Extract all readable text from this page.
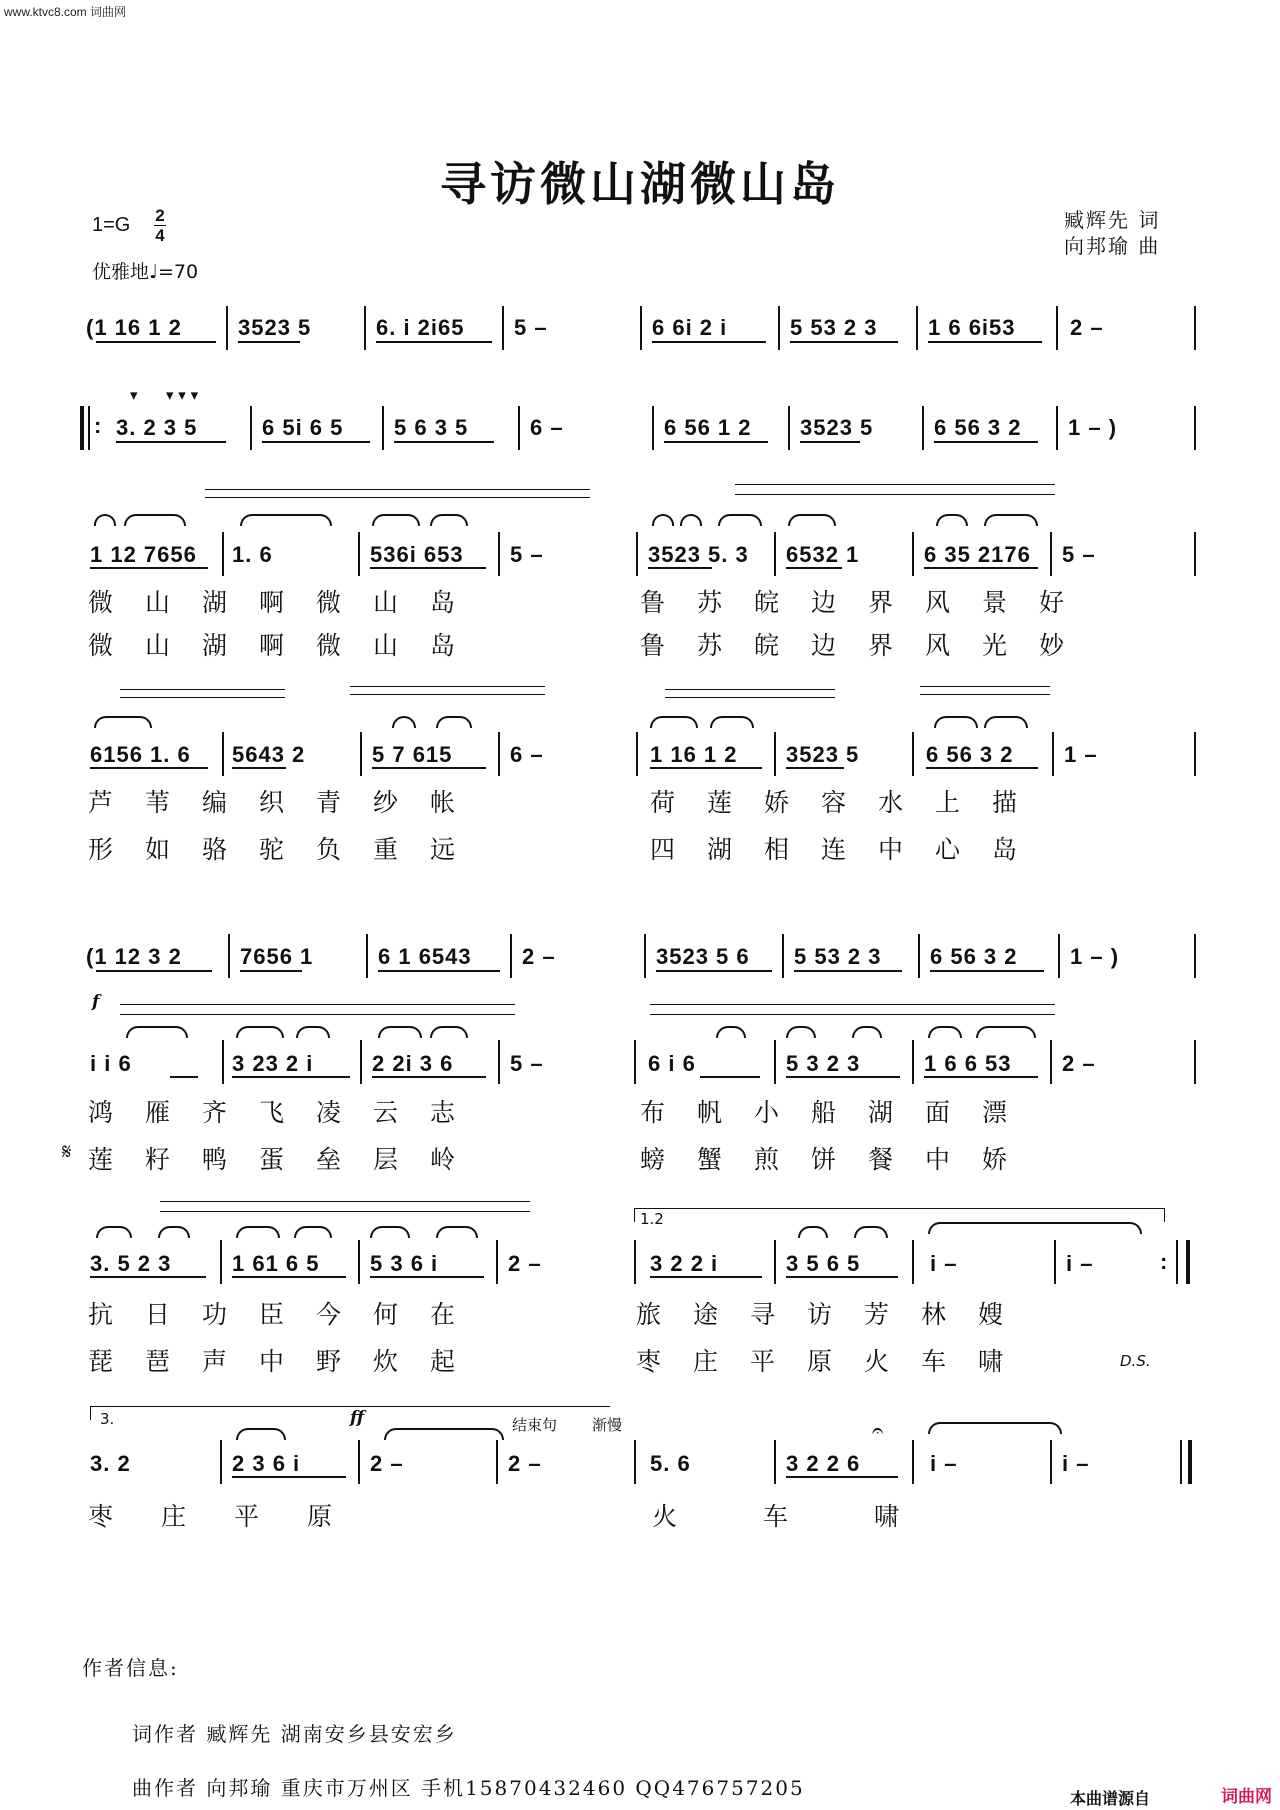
www.ktvc8.com 词曲网
寻访微山湖微山岛
臧辉先 词
向邦瑜 曲
1=G 2
4
优雅地♩=70
(1 16 1 2	3523 5	6. i 2i65 5 –	6 6i 2 i	5 53 2 3 1 6 6i53 2 –
: 3. 2 3 5	6 5i 6 5 5 6 3 5	6 –	6 56 1 2 3523 5	6 56 3 2 1 – )
▾ ▾ ▾ ▾
1 12 7656 1. 6	536i 653 5 –	3523 5. 3 6532 1	6 35 2176 5 –
微山湖啊微山岛	鲁苏皖边界风景好
微山湖啊微山岛	鲁苏皖边界风光妙
6156 1. 6 5643 2	5 7 615	6 –	1 16 1 2 3523 5	6 56 3 2 1 –
芦苇编织青纱帐	荷莲娇容水上描
形如骆驼负重远	四湖相连中心岛
(1 12 3 2	7656 1	6 1 6543 2 –	3523 5 6 5 53 2 3 6 56 3 2 1 – )
f
i i 6	3 23 2 i	2 2i 3 6	5 –	6 i 6	5 3 2 3	1 6 6 53 2 –
鸿雁齐飞凌云志	布帆小船湖面漂
𝄋 莲籽鸭蛋垒层岭	螃蟹煎饼餐中娇
3. 5 2 3	1 61 6 5 5 3 6 i	2 –	3 2 2 i	3 5 6 5	i –	i –	:
1.2
抗日功臣今何在	旅途寻访芳林嫂
琵琶声中野炊起	枣庄平原火车啸	D.S.
3.	ff	结束句 渐慢	𝄐
3. 2	2 3 6 i	2 –	2 –	5. 6	3 2 2 6	i –	i –
枣庄平原	火车啸
作者信息:
词作者 臧辉先 湖南安乡县安宏乡
曲作者 向邦瑜 重庆市万州区 手机15870432460 QQ476757205	本曲谱源自	词曲网
